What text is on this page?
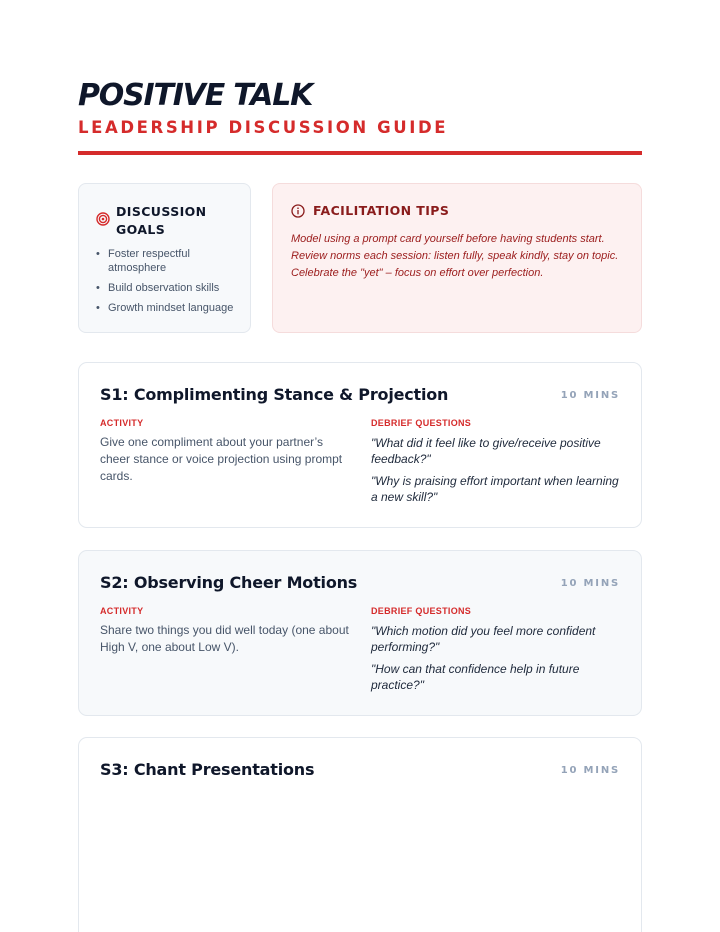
POSITIVE TALK
LEADERSHIP DISCUSSION GUIDE
DISCUSSION GOALS
• Foster respectful atmosphere
• Build observation skills
• Growth mindset language
FACILITATION TIPS

Model using a prompt card yourself before having students start.

Review norms each session: listen fully, speak kindly, stay on topic.

Celebrate the "yet" – focus on effort over perfection.

S1: Complimenting Stance & Projection	10 MINS
ACTIVITY
Give one compliment about your partner’s cheer stance or voice projection using prompt cards.
DEBRIEF QUESTIONS

"What did it feel like to give/receive positive feedback?"

"Why is praising effort important when learning a new skill?"

S2: Observing Cheer Motions	10 MINS
ACTIVITY
Share two things you did well today (one about High V, one about Low V).
DEBRIEF QUESTIONS

"Which motion did you feel more confident performing?"

"How can that confidence help in future practice?"

S3: Chant Presentations	10 MINS
